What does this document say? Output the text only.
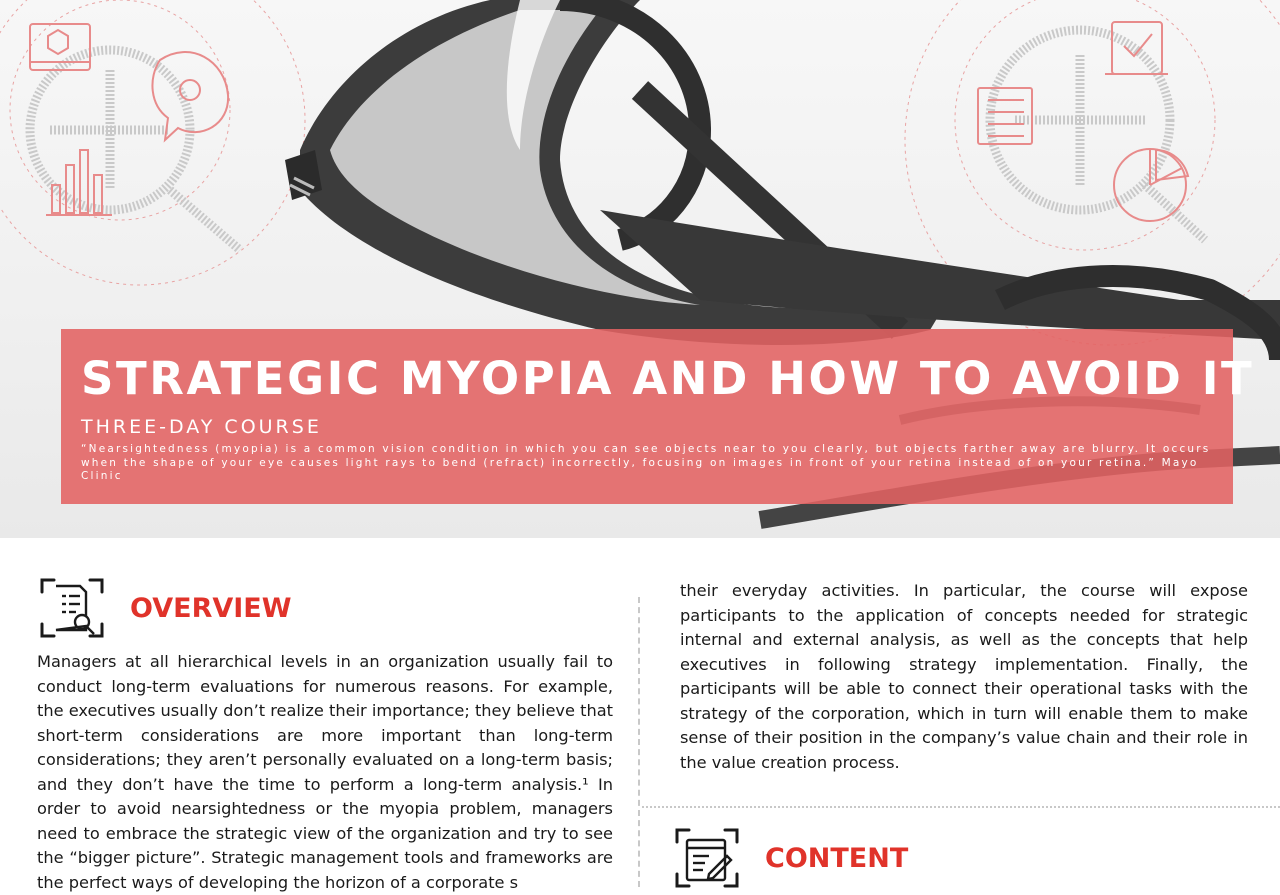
STRATEGIC MYOPIA AND HOW TO AVOID IT
THREE-DAY COURSE
“Nearsightedness (myopia) is a common vision condition in which you can see objects near to you clearly, but objects farther away are blurry. It occurs when the shape of your eye causes light rays to bend (refract) incorrectly, focusing on images in front of your retina instead of on your retina.” Mayo Clinic
OVERVIEW

Managers at all hierarchical levels in an organization usually fail to conduct long-term evaluations for numerous reasons. For example, the executives usually don’t realize their importance; they believe that short-term considerations are more important than long-term considerations; they aren’t personally evaluated on a long-term basis; and they don’t have the time to perform a long-term analysis.¹ In order to avoid nearsightedness or the myopia problem, managers need to embrace the strategic view of the organization and try to see the “bigger picture”. Strategic management tools and frameworks are the perfect ways of developing the horizon of a corporate s

their everyday activities. In particular, the course will expose participants to the application of concepts needed for strategic internal and external analysis, as well as the concepts that help executives in following strategy implementation. Finally, the participants will be able to connect their operational tasks with the strategy of the corporation, which in turn will enable them to make sense of their position in the company’s value chain and their role in the value creation process.

CONTENT
